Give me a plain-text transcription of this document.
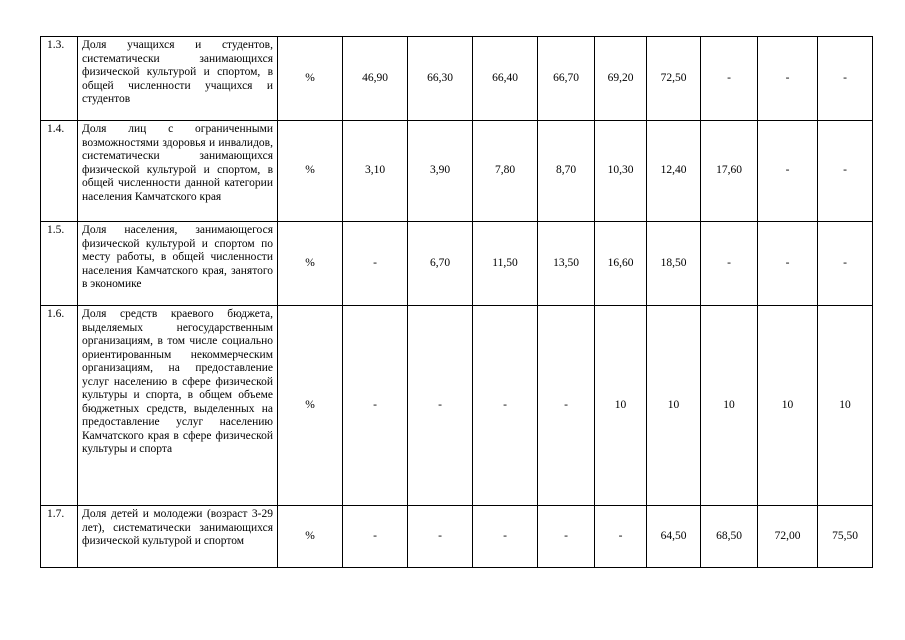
1.3.	Доля учащихся и студентов, систематически занимающихся физической культурой и спортом, в общей численности учащихся и студентов	%	46,90	66,30	66,40	66,70	69,20	72,50	-	-	-
1.4.	Доля лиц с ограниченными возможностями здоровья и инвалидов, систематически занимающихся физической культурой и спортом, в общей численности данной категории населения Камчатского края	%	3,10	3,90	7,80	8,70	10,30	12,40	17,60	-	-
1.5.	Доля населения, занимающегося физической культурой и спортом по месту работы, в общей численности населения Камчатского края, занятого в экономике	%	-	6,70	11,50	13,50	16,60	18,50	-	-	-
1.6.	Доля средств краевого бюджета, выделяемых негосударственным организациям, в том числе социально ориентированным некоммерческим организациям, на предоставление услуг населению в сфере физической культуры и спорта, в общем объеме бюджетных средств, выделенных на предоставление услуг населению Камчатского края в сфере физической культуры и спорта	%	-	-	-	-	10	10	10	10	10
1.7.	Доля детей и молодежи (возраст 3-29 лет), систематически занимающихся физической культурой и спортом	%	-	-	-	-	-	64,50	68,50	72,00	75,50
